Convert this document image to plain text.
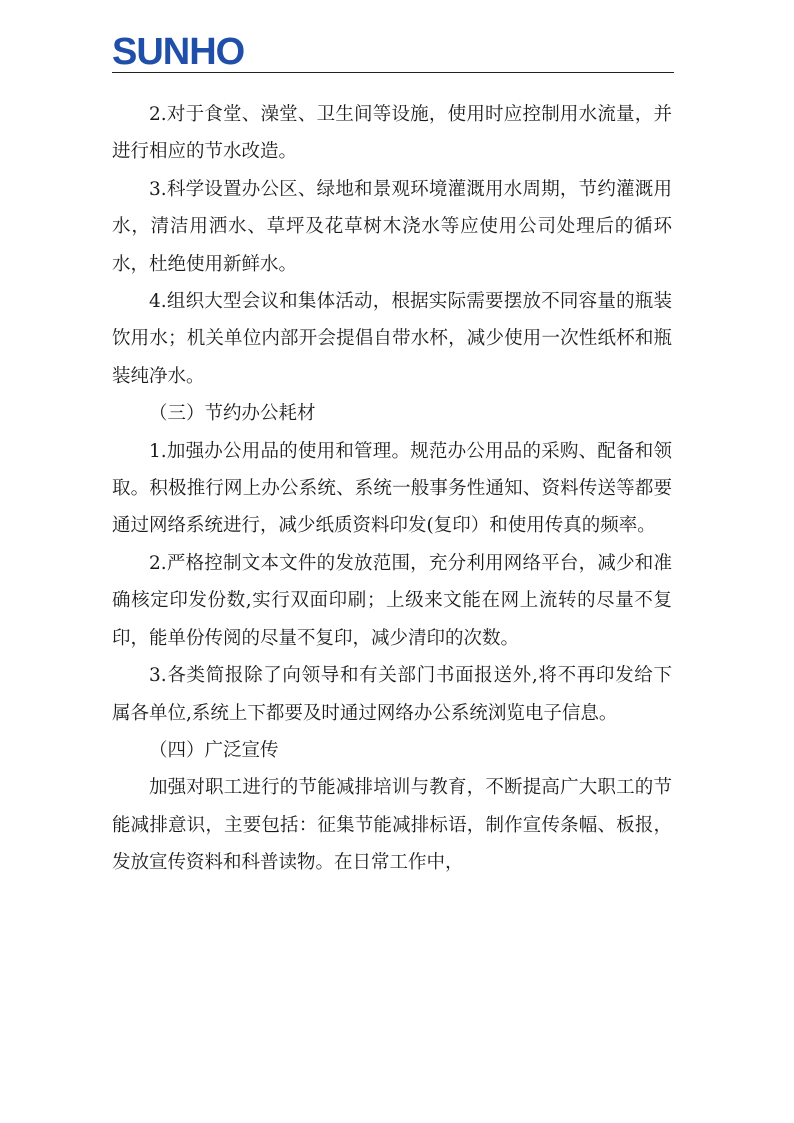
SUNHO

2.对于食堂、澡堂、卫生间等设施，使用时应控制用水流量，并进行相应的节水改造。

3.科学设置办公区、绿地和景观环境灌溉用水周期，节约灌溉用水，清洁用洒水、草坪及花草树木浇水等应使用公司处理后的循环水，杜绝使用新鲜水。

4.组织大型会议和集体活动，根据实际需要摆放不同容量的瓶装饮用水；机关单位内部开会提倡自带水杯，减少使用一次性纸杯和瓶装纯净水。

（三）节约办公耗材

1.加强办公用品的使用和管理。规范办公用品的采购、配备和领取。积极推行网上办公系统、系统一般事务性通知、资料传送等都要通过网络系统进行，减少纸质资料印发(复印）和使用传真的频率。

2.严格控制文本文件的发放范围，充分利用网络平台，减少和准确核定印发份数,实行双面印刷；上级来文能在网上流转的尽量不复印，能单份传阅的尽量不复印，减少清印的次数。

3.各类简报除了向领导和有关部门书面报送外,将不再印发给下属各单位,系统上下都要及时通过网络办公系统浏览电子信息。

（四）广泛宣传

加强对职工进行的节能减排培训与教育，不断提高广大职工的节能减排意识，主要包括：征集节能减排标语，制作宣传条幅、板报，发放宣传资料和科普读物。在日常工作中，
